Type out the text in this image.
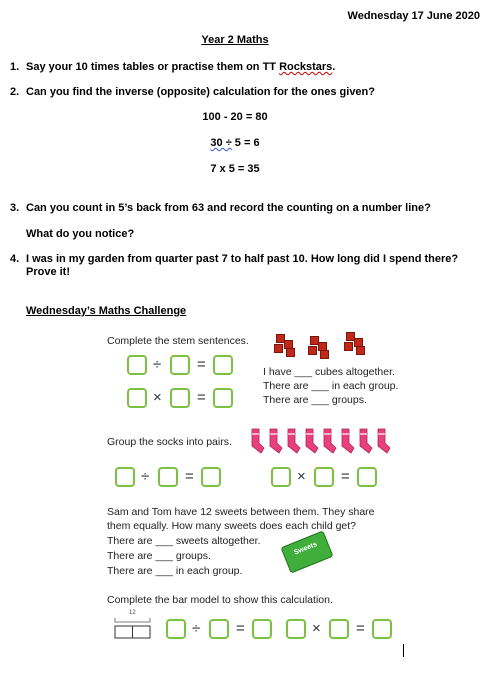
Wednesday 17 June 2020
Year 2 Maths
1. Say your 10 times tables or practise them on TT Rockstars.
2. Can you find the inverse (opposite) calculation for the ones given?
100 - 20 = 80
30 ÷ 5 = 6
7 x 5 = 35
3. Can you count in 5’s back from 63 and record the counting on a number line?
What do you notice?
4. I was in my garden from quarter past 7 to half past 10. How long did I spend there?
Prove it!
Wednesday’s Maths Challenge
Complete the stem sentences.
÷ =
× =
I have ___ cubes altogether.
There are ___ in each group.
There are ___ groups.
Group the socks into pairs.
÷ =	× =
Sam and Tom have 12 sweets between them. They share
them equally. How many sweets does each child get?
There are ___ sweets altogether.
There are ___ groups.
There are ___ in each group.
Sweets
Complete the bar model to show this calculation.
12
÷ =	× =
